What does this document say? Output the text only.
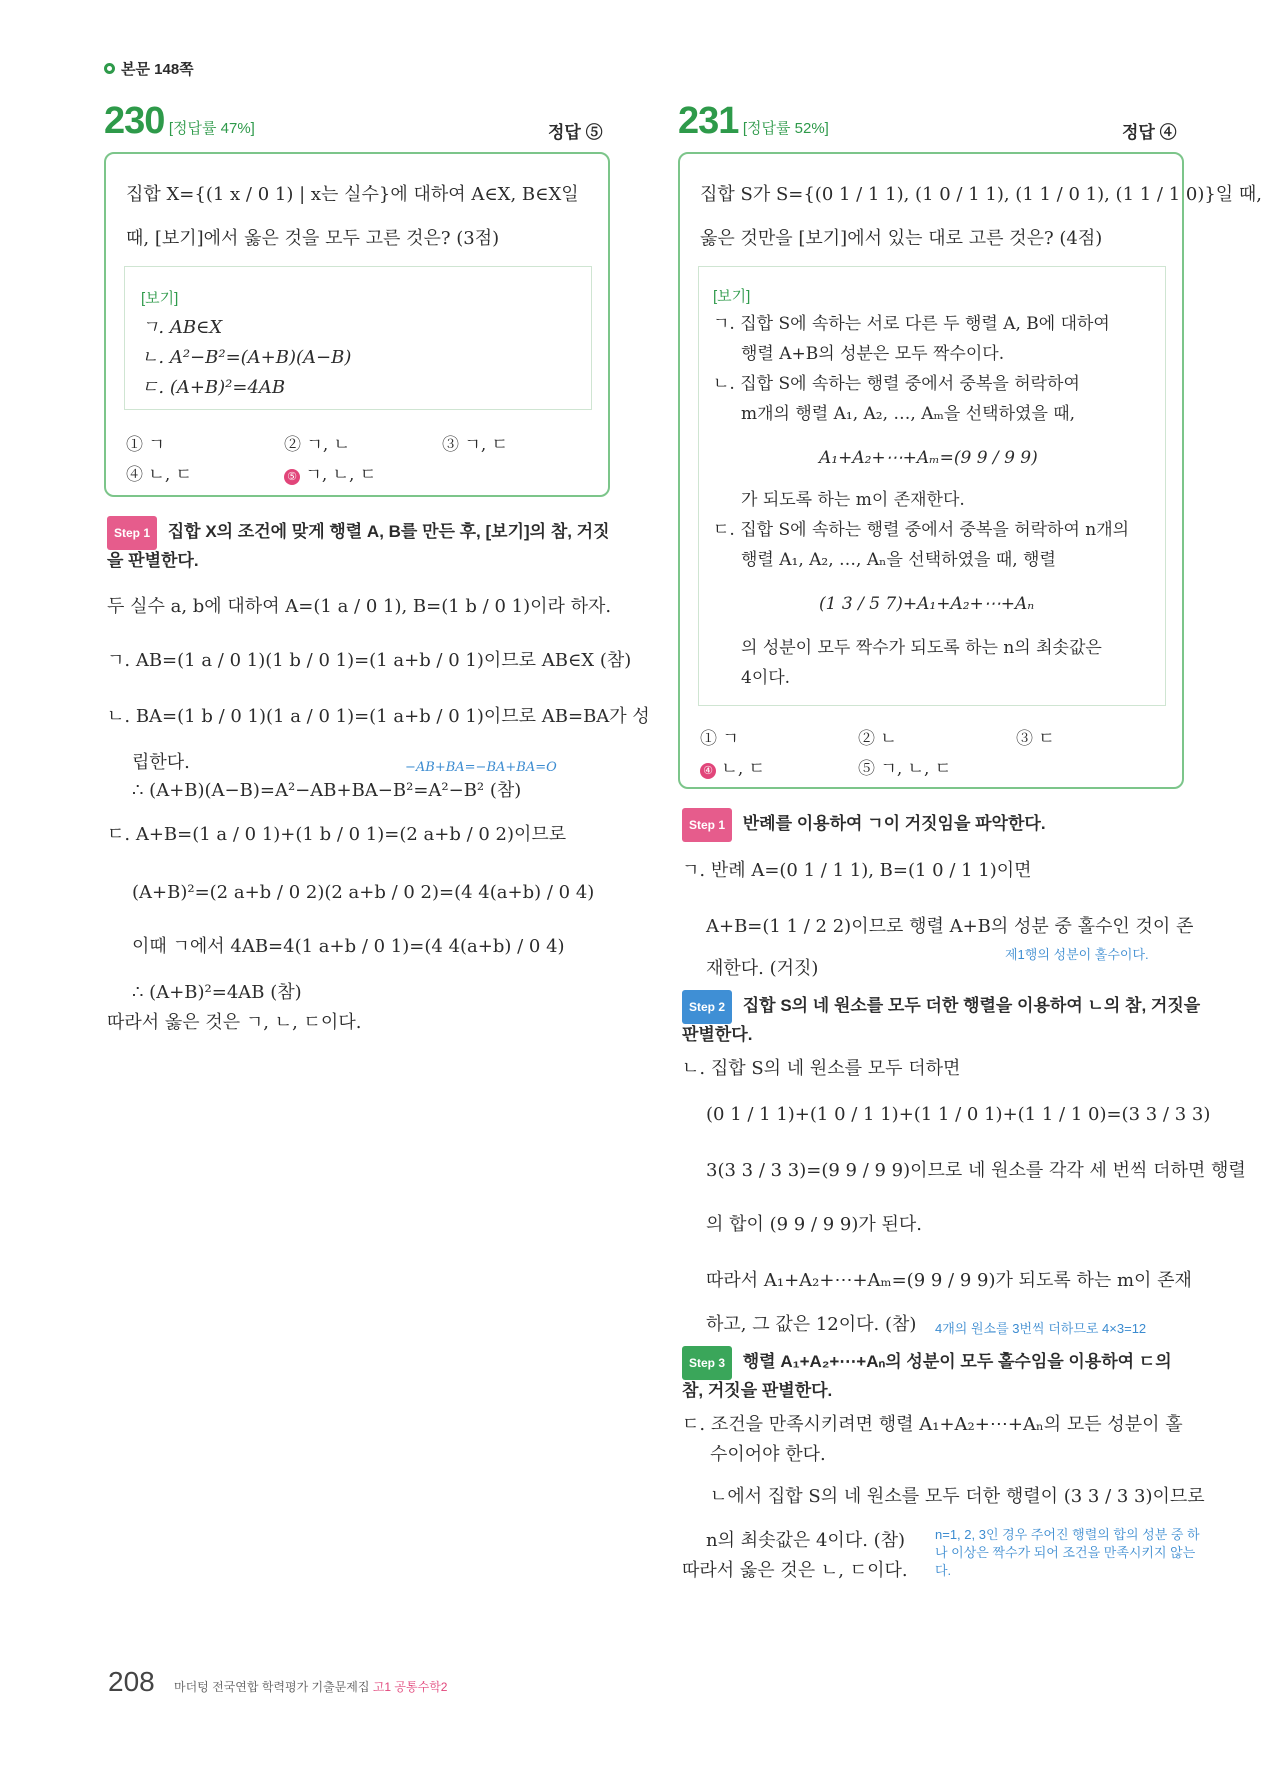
본문 148쪽
230 [정답률 47%]	정답 ⑤
집합 X={(1 x / 0 1) | x는 실수}에 대하여 A∈X, B∈X일
때, [보기]에서 옳은 것을 모두 고른 것은? (3점)
[보기]
ㄱ. AB∈X
ㄴ. A²−B²=(A+B)(A−B)
ㄷ. (A+B)²=4AB
① ㄱ	② ㄱ, ㄴ	③ ㄱ, ㄷ
④ ㄴ, ㄷ	⑤ ㄱ, ㄴ, ㄷ
Step 1 집합 X의 조건에 맞게 행렬 A, B를 만든 후, [보기]의 참, 거짓
을 판별한다.
두 실수 a, b에 대하여 A=(1 a / 0 1), B=(1 b / 0 1)이라 하자.
ㄱ. AB=(1 a / 0 1)(1 b / 0 1)=(1 a+b / 0 1)이므로 AB∈X (참)
ㄴ. BA=(1 b / 0 1)(1 a / 0 1)=(1 a+b / 0 1)이므로 AB=BA가 성
립한다.	−AB+BA=−BA+BA=O
∴ (A+B)(A−B)=A²−AB+BA−B²=A²−B² (참)
ㄷ. A+B=(1 a / 0 1)+(1 b / 0 1)=(2 a+b / 0 2)이므로
(A+B)²=(2 a+b / 0 2)(2 a+b / 0 2)=(4 4(a+b) / 0 4)
이때 ㄱ에서 4AB=4(1 a+b / 0 1)=(4 4(a+b) / 0 4)
∴ (A+B)²=4AB (참)
따라서 옳은 것은 ㄱ, ㄴ, ㄷ이다.
231 [정답률 52%]	정답 ④
집합 S가 S={(0 1 / 1 1), (1 0 / 1 1), (1 1 / 0 1), (1 1 / 1 0)}일 때,
옳은 것만을 [보기]에서 있는 대로 고른 것은? (4점)
[보기]
ㄱ. 집합 S에 속하는 서로 다른 두 행렬 A, B에 대하여
행렬 A+B의 성분은 모두 짝수이다.
ㄴ. 집합 S에 속하는 행렬 중에서 중복을 허락하여
m개의 행렬 A₁, A₂, …, Aₘ을 선택하였을 때,
A₁+A₂+⋯+Aₘ=(9 9 / 9 9)
가 되도록 하는 m이 존재한다.
ㄷ. 집합 S에 속하는 행렬 중에서 중복을 허락하여 n개의
행렬 A₁, A₂, …, Aₙ을 선택하였을 때, 행렬
(1 3 / 5 7)+A₁+A₂+⋯+Aₙ
의 성분이 모두 짝수가 되도록 하는 n의 최솟값은
4이다.
① ㄱ	② ㄴ	③ ㄷ
④ ㄴ, ㄷ	⑤ ㄱ, ㄴ, ㄷ
Step 1 반례를 이용하여 ㄱ이 거짓임을 파악한다.
ㄱ. 반례 A=(0 1 / 1 1), B=(1 0 / 1 1)이면
A+B=(1 1 / 2 2)이므로 행렬 A+B의 성분 중 홀수인 것이 존
제1행의 성분이 홀수이다.
재한다. (거짓)
Step 2 집합 S의 네 원소를 모두 더한 행렬을 이용하여 ㄴ의 참, 거짓을
판별한다.
ㄴ. 집합 S의 네 원소를 모두 더하면
(0 1 / 1 1)+(1 0 / 1 1)+(1 1 / 0 1)+(1 1 / 1 0)=(3 3 / 3 3)
3(3 3 / 3 3)=(9 9 / 9 9)이므로 네 원소를 각각 세 번씩 더하면 행렬
의 합이 (9 9 / 9 9)가 된다.
따라서 A₁+A₂+⋯+Aₘ=(9 9 / 9 9)가 되도록 하는 m이 존재
하고, 그 값은 12이다. (참) 4개의 원소를 3번씩 더하므로 4×3=12
Step 3 행렬 A₁+A₂+⋯+Aₙ의 성분이 모두 홀수임을 이용하여 ㄷ의
참, 거짓을 판별한다.
ㄷ. 조건을 만족시키려면 행렬 A₁+A₂+⋯+Aₙ의 모든 성분이 홀
수이어야 한다.
ㄴ에서 집합 S의 네 원소를 모두 더한 행렬이 (3 3 / 3 3)이므로
n의 최솟값은 4이다. (참)
따라서 옳은 것은 ㄴ, ㄷ이다.
n=1, 2, 3인 경우 주어진 행렬의 합의 성분 중 하나 이상은 짝수가 되어 조건을 만족시키지 않는다.
208 마더텅 전국연합 학력평가 기출문제집 고1 공통수학2
